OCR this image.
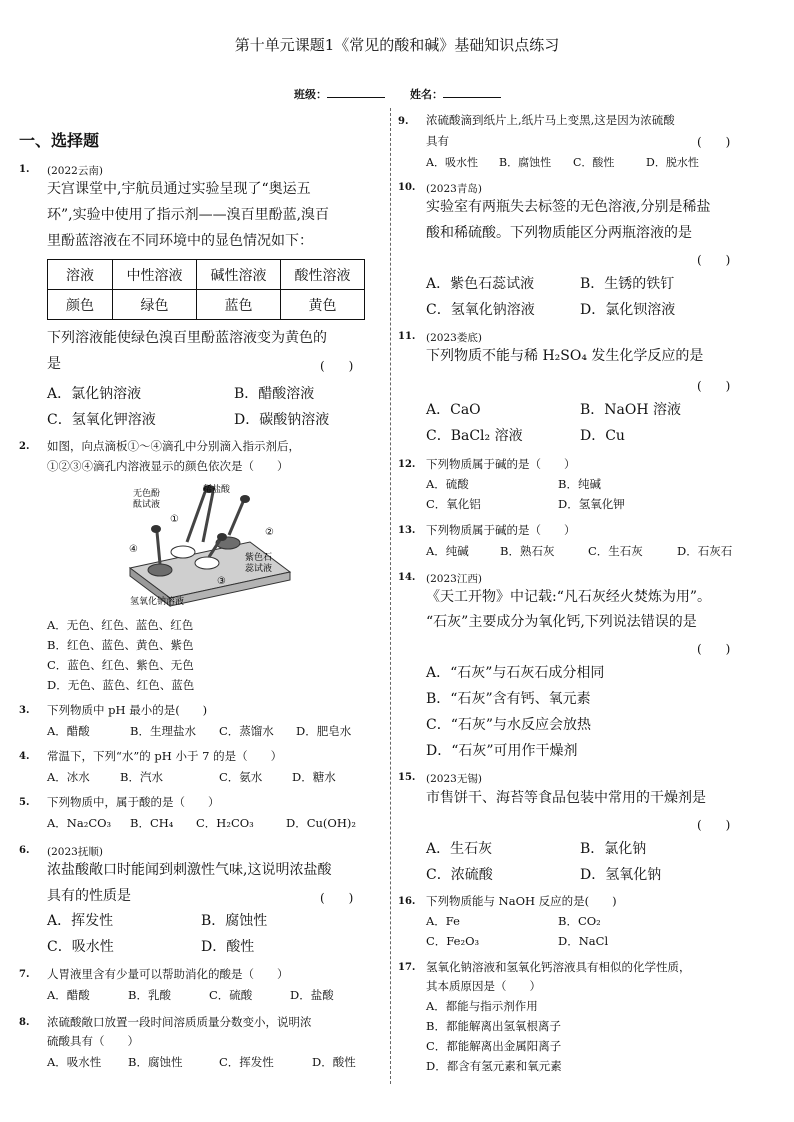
第十单元课题1《常见的酸和碱》基础知识点练习
班级：	姓名：
一、选择题
1. (2022云南)
天宫课堂中,宇航员通过实验呈现了“奥运五
环”,实验中使用了指示剂——溴百里酚蓝,溴百
里酚蓝溶液在不同环境中的显色情况如下：
溶液	中性溶液	碱性溶液	酸性溶液
颜色	绿色	蓝色	黄色
下列溶液能使绿色溴百里酚蓝溶液变为黄色的
是	(　　)
A．氯化钠溶液	B．醋酸溶液
C．氢氧化钾溶液	D．碳酸钠溶液
2. 如图，向点滴板①～④滴孔中分别滴入指示剂后，
①②③④滴孔内溶液显示的颜色依次是（　　）
无色酚
酞试液
稀盐酸
紫色石
蕊试液
氢氧化钠溶液
①
②
③
④
A．无色、红色、蓝色、红色
B．红色、蓝色、黄色、紫色
C．蓝色、红色、紫色、无色
D．无色、蓝色、红色、蓝色
3. 下列物质中 pH 最小的是(　　)
A．醋酸	B．生理盐水 C．蒸馏水 D．肥皂水
4. 常温下，下列“水”的 pH 小于 7 的是（　　）
A．冰水	B．汽水	C．氨水	D．糖水
5. 下列物质中，属于酸的是（　　）
A．Na₂CO₃ B．CH₄ C．H₂CO₃	D．Cu(OH)₂
6. (2023抚顺)
浓盐酸敞口时能闻到刺激性气味,这说明浓盐酸
具有的性质是	(　　)
A．挥发性	B．腐蚀性
C．吸水性	D．酸性
7. 人胃液里含有少量可以帮助消化的酸是（　　）
A．醋酸	B．乳酸	C．硫酸	D．盐酸
8. 浓硫酸敞口放置一段时间溶质质量分数变小，说明浓
硫酸具有（　　）
A．吸水性 B．腐蚀性	C．挥发性	D．酸性
9. 浓硫酸滴到纸片上,纸片马上变黑,这是因为浓硫酸
具有	(　　)
A．吸水性 B．腐蚀性 C．酸性	D．脱水性
10. (2023青岛)
实验室有两瓶失去标签的无色溶液,分别是稀盐
酸和稀硫酸。下列物质能区分两瓶溶液的是
(　　)
A．紫色石蕊试液	B．生锈的铁钉
C．氢氧化钠溶液	D．氯化钡溶液
11. (2023娄底)
下列物质不能与稀 H₂SO₄ 发生化学反应的是
(　　)
A．CaO	B．NaOH 溶液
C．BaCl₂ 溶液	D．Cu
12. 下列物质属于碱的是（　　）
A．硫酸	B．纯碱
C．氧化铝	D．氢氧化钾
13. 下列物质属于碱的是（　　）
A．纯碱	B．熟石灰	C．生石灰	D．石灰石
14. (2023江西)
《天工开物》中记载:“凡石灰经火焚炼为用”。
“石灰”主要成分为氧化钙,下列说法错误的是
(　　)
A．“石灰”与石灰石成分相同
B．“石灰”含有钙、氧元素
C．“石灰”与水反应会放热
D．“石灰”可用作干燥剂
15. (2023无锡)
市售饼干、海苔等食品包装中常用的干燥剂是
(　　)
A．生石灰	B．氯化钠
C．浓硫酸	D．氢氧化钠
16. 下列物质能与 NaOH 反应的是(　　)
A．Fe	B．CO₂
C．Fe₂O₃	D．NaCl
17. 氢氧化钠溶液和氢氧化钙溶液具有相似的化学性质，
其本质原因是（　　）
A．都能与指示剂作用
B．都能解离出氢氧根离子
C．都能解离出金属阳离子
D．都含有氢元素和氧元素
